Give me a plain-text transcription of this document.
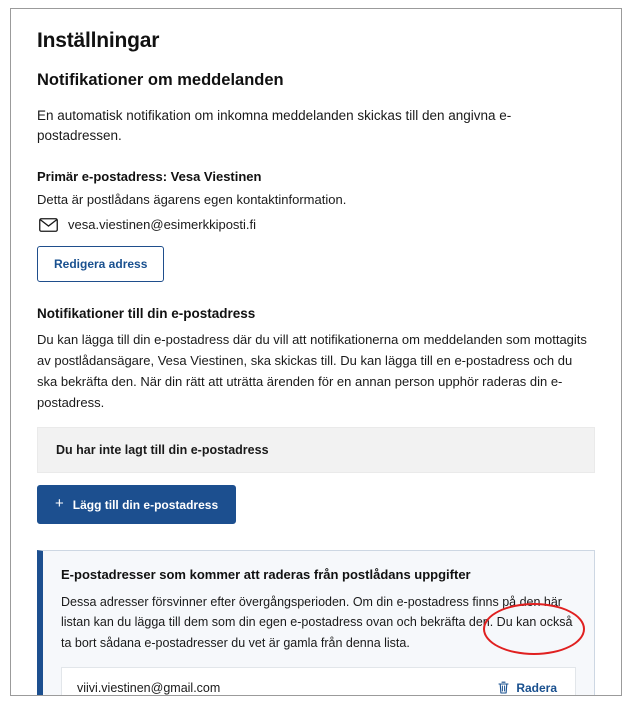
Inställningar
Notifikationer om meddelanden

En automatisk notifikation om inkomna meddelanden skickas till den angivna e-postadressen.

Primär e-postadress: Vesa Viestinen
Detta är postlådans ägarens egen kontaktinformation.
vesa.viestinen@esimerkkiposti.fi
Redigera adress
Notifikationer till din e-postadress

Du kan lägga till din e-postadress där du vill att notifikationerna om meddelanden som mottagits av postlådansägare, Vesa Viestinen, ska skickas till. Du kan lägga till en e-postadress och du ska bekräfta den. När din rätt att uträtta ärenden för en annan person upphör raderas din e-postadress.

Du har inte lagt till din e-postadress
+ Lägg till din e-postadress
E-postadresser som kommer att raderas från postlådans uppgifter

Dessa adresser försvinner efter övergångsperioden. Om din e-postadress finns på den här listan kan du lägga till dem som din egen e-postadress ovan och bekräfta den. Du kan också ta bort sådana e-postadresser du vet är gamla från denna lista.

viivi.viestinen@gmail.com	Radera
